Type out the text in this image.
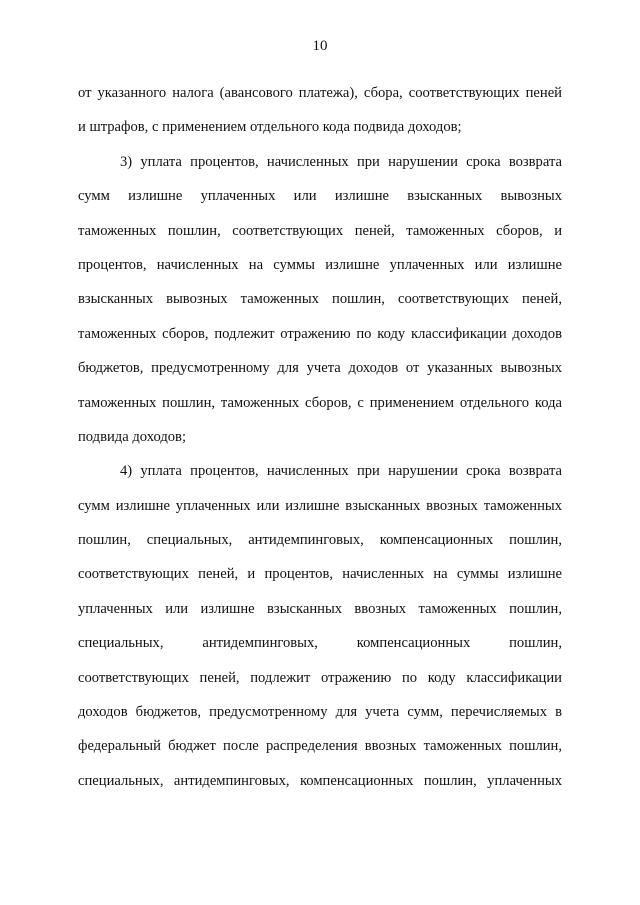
10
от указанного налога (авансового платежа), сбора, соответствующих пеней
и штрафов, с применением отдельного кода подвида доходов;
3) уплата процентов, начисленных при нарушении срока возврата
сумм излишне уплаченных или излишне взысканных вывозных
таможенных пошлин, соответствующих пеней, таможенных сборов, и
процентов, начисленных на суммы излишне уплаченных или излишне
взысканных вывозных таможенных пошлин, соответствующих пеней,
таможенных сборов, подлежит отражению по коду классификации доходов
бюджетов, предусмотренному для учета доходов от указанных вывозных
таможенных пошлин, таможенных сборов, с применением отдельного кода
подвида доходов;
4) уплата процентов, начисленных при нарушении срока возврата
сумм излишне уплаченных или излишне взысканных ввозных таможенных
пошлин, специальных, антидемпинговых, компенсационных пошлин,
соответствующих пеней, и процентов, начисленных на суммы излишне
уплаченных или излишне взысканных ввозных таможенных пошлин,
специальных, антидемпинговых, компенсационных пошлин,
соответствующих пеней, подлежит отражению по коду классификации
доходов бюджетов, предусмотренному для учета сумм, перечисляемых в
федеральный бюджет после распределения ввозных таможенных пошлин,
специальных, антидемпинговых, компенсационных пошлин, уплаченных
